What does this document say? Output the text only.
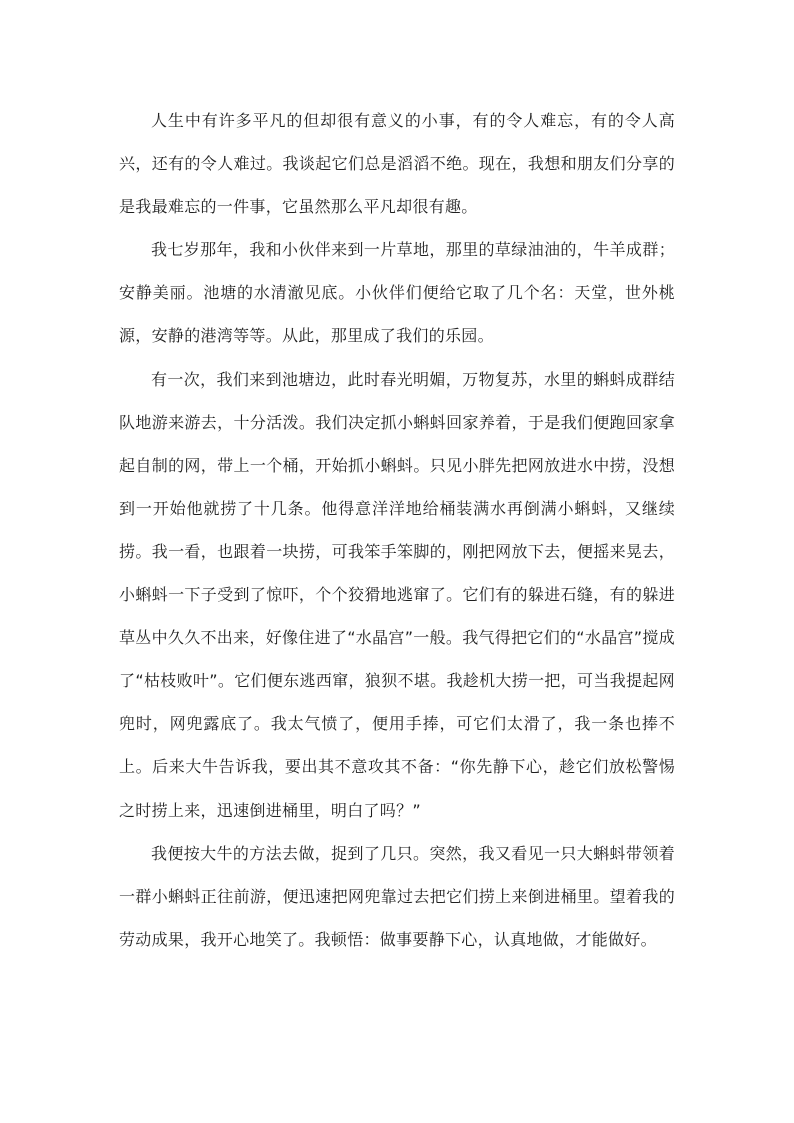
人生中有许多平凡的但却很有意义的小事，有的令人难忘，有的令人高兴，还有的令人难过。我谈起它们总是滔滔不绝。现在，我想和朋友们分享的是我最难忘的一件事，它虽然那么平凡却很有趣。

我七岁那年，我和小伙伴来到一片草地，那里的草绿油油的，牛羊成群；安静美丽。池塘的水清澈见底。小伙伴们便给它取了几个名：天堂，世外桃源，安静的港湾等等。从此，那里成了我们的乐园。

有一次，我们来到池塘边，此时春光明媚，万物复苏，水里的蝌蚪成群结队地游来游去，十分活泼。我们决定抓小蝌蚪回家养着，于是我们便跑回家拿起自制的网，带上一个桶，开始抓小蝌蚪。只见小胖先把网放进水中捞，没想到一开始他就捞了十几条。他得意洋洋地给桶装满水再倒满小蝌蚪，又继续捞。我一看，也跟着一块捞，可我笨手笨脚的，刚把网放下去，便摇来晃去，小蝌蚪一下子受到了惊吓，个个狡猾地逃窜了。它们有的躲进石缝，有的躲进草丛中久久不出来，好像住进了“水晶宫”一般。我气得把它们的“水晶宫”搅成了“枯枝败叶”。它们便东逃西窜，狼狈不堪。我趁机大捞一把，可当我提起网兜时，网兜露底了。我太气愤了，便用手捧，可它们太滑了，我一条也捧不上。后来大牛告诉我，要出其不意攻其不备：“你先静下心，趁它们放松警惕之时捞上来，迅速倒进桶里，明白了吗？”

我便按大牛的方法去做，捉到了几只。突然，我又看见一只大蝌蚪带领着一群小蝌蚪正往前游，便迅速把网兜靠过去把它们捞上来倒进桶里。望着我的劳动成果，我开心地笑了。我顿悟：做事要静下心，认真地做，才能做好。
